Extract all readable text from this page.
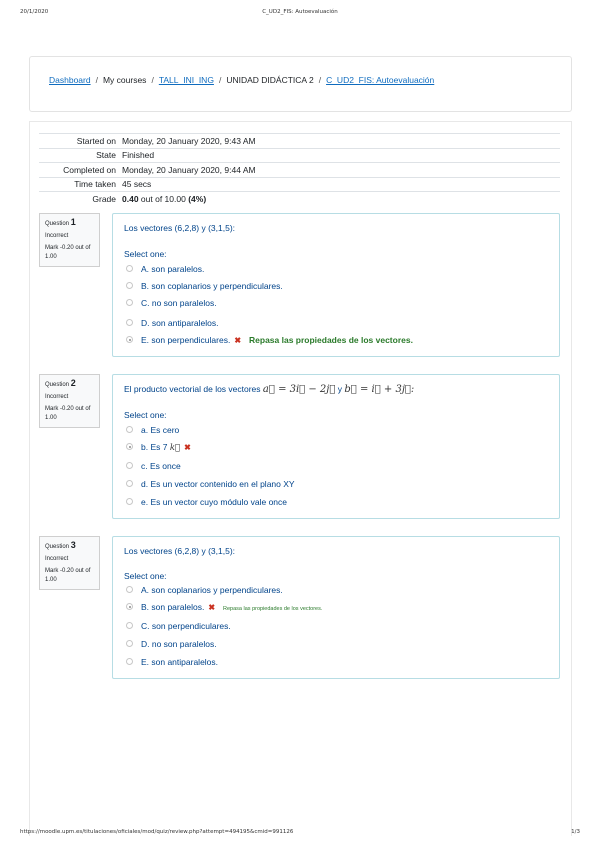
20/1/2020	C_UD2_FIS: Autoevaluación
Dashboard / My courses / TALL_INI_ING / UNIDAD DIDÁCTICA 2 / C_UD2_FIS: Autoevaluación
Started on	Monday, 20 January 2020, 9:43 AM
State	Finished
Completed on	Monday, 20 January 2020, 9:44 AM
Time taken	45 secs
Grade	0.40 out of 10.00 (4%)
Question 1
Incorrect
Mark -0.20 out of 1.00
Los vectores (6,2,8) y (3,1,5):
Select one:
A. son paralelos.
B. son coplanarios y perpendiculares.
C. no son paralelos.
D. son antiparalelos.
E. son perpendiculares. ✖ Repasa las propiedades de los vectores.
Question 2
Incorrect
Mark -0.20 out of 1.00
El producto vectorial de los vectores a⃗ = 3i⃗ − 2j⃗ y b⃗ = i⃗ + 3j⃗:
Select one:
a. Es cero
b. Es 7 k⃗ ✖
c. Es once
d. Es un vector contenido en el plano XY
e. Es un vector cuyo módulo vale once
Question 3
Incorrect
Mark -0.20 out of 1.00
Los vectores (6,2,8) y (3,1,5):
Select one:
A. son coplanarios y perpendiculares.
B. son paralelos. ✖ Repasa las propiedades de los vectores.
C. son perpendiculares.
D. no son paralelos.
E. son antiparalelos.
https://moodle.upm.es/titulaciones/oficiales/mod/quiz/review.php?attempt=494195&cmid=991126	1/3
